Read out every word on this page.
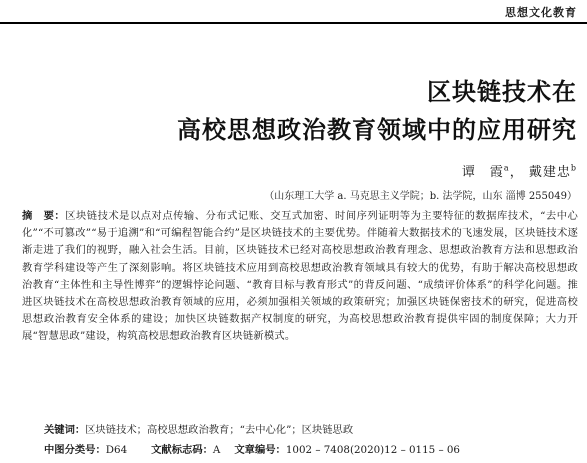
思想文化教育
区块链技术在
高校思想政治教育领域中的应用研究
谭　霞$^a$， 戴建忠$^b$
（山东理工大学 a. 马克思主义学院；b. 法学院，山东 淄博 255049）
摘　要：区块链技术是以点对点传输、分布式记账、交互式加密、时间序列证明等为主要特征的数据库技术，“去中心化”“不可篡改”“易于追溯”和“可编程智能合约”是区块链技术的主要优势。伴随着大数据技术的飞速发展，区块链技术逐渐走进了我们的视野，融入社会生活。目前，区块链技术已经对高校思想政治教育理念、思想政治教育方法和思想政治教育学科建设等产生了深刻影响。将区块链技术应用到高校思想政治教育领域具有较大的优势，有助于解决高校思想政治教育“主体性和主导性博弈”的逻辑悖论问题、“教育目标与教育形式”的背反问题、“成绩评价体系”的科学化问题。推进区块链技术在高校思想政治教育领域的应用，必须加强相关领域的政策研究；加强区块链保密技术的研究，促进高校思想政治教育安全体系的建设；加快区块链数据产权制度的研究，为高校思想政治教育提供牢固的制度保障；大力开展“智慧思政”建设，构筑高校思想政治教育区块链新模式。
关键词：区块链技术；高校思想政治教育；“去中心化”；区块链思政
中图分类号：D64 文献标志码：A 文章编号：1002 – 7408(2020)12 – 0115 – 06
